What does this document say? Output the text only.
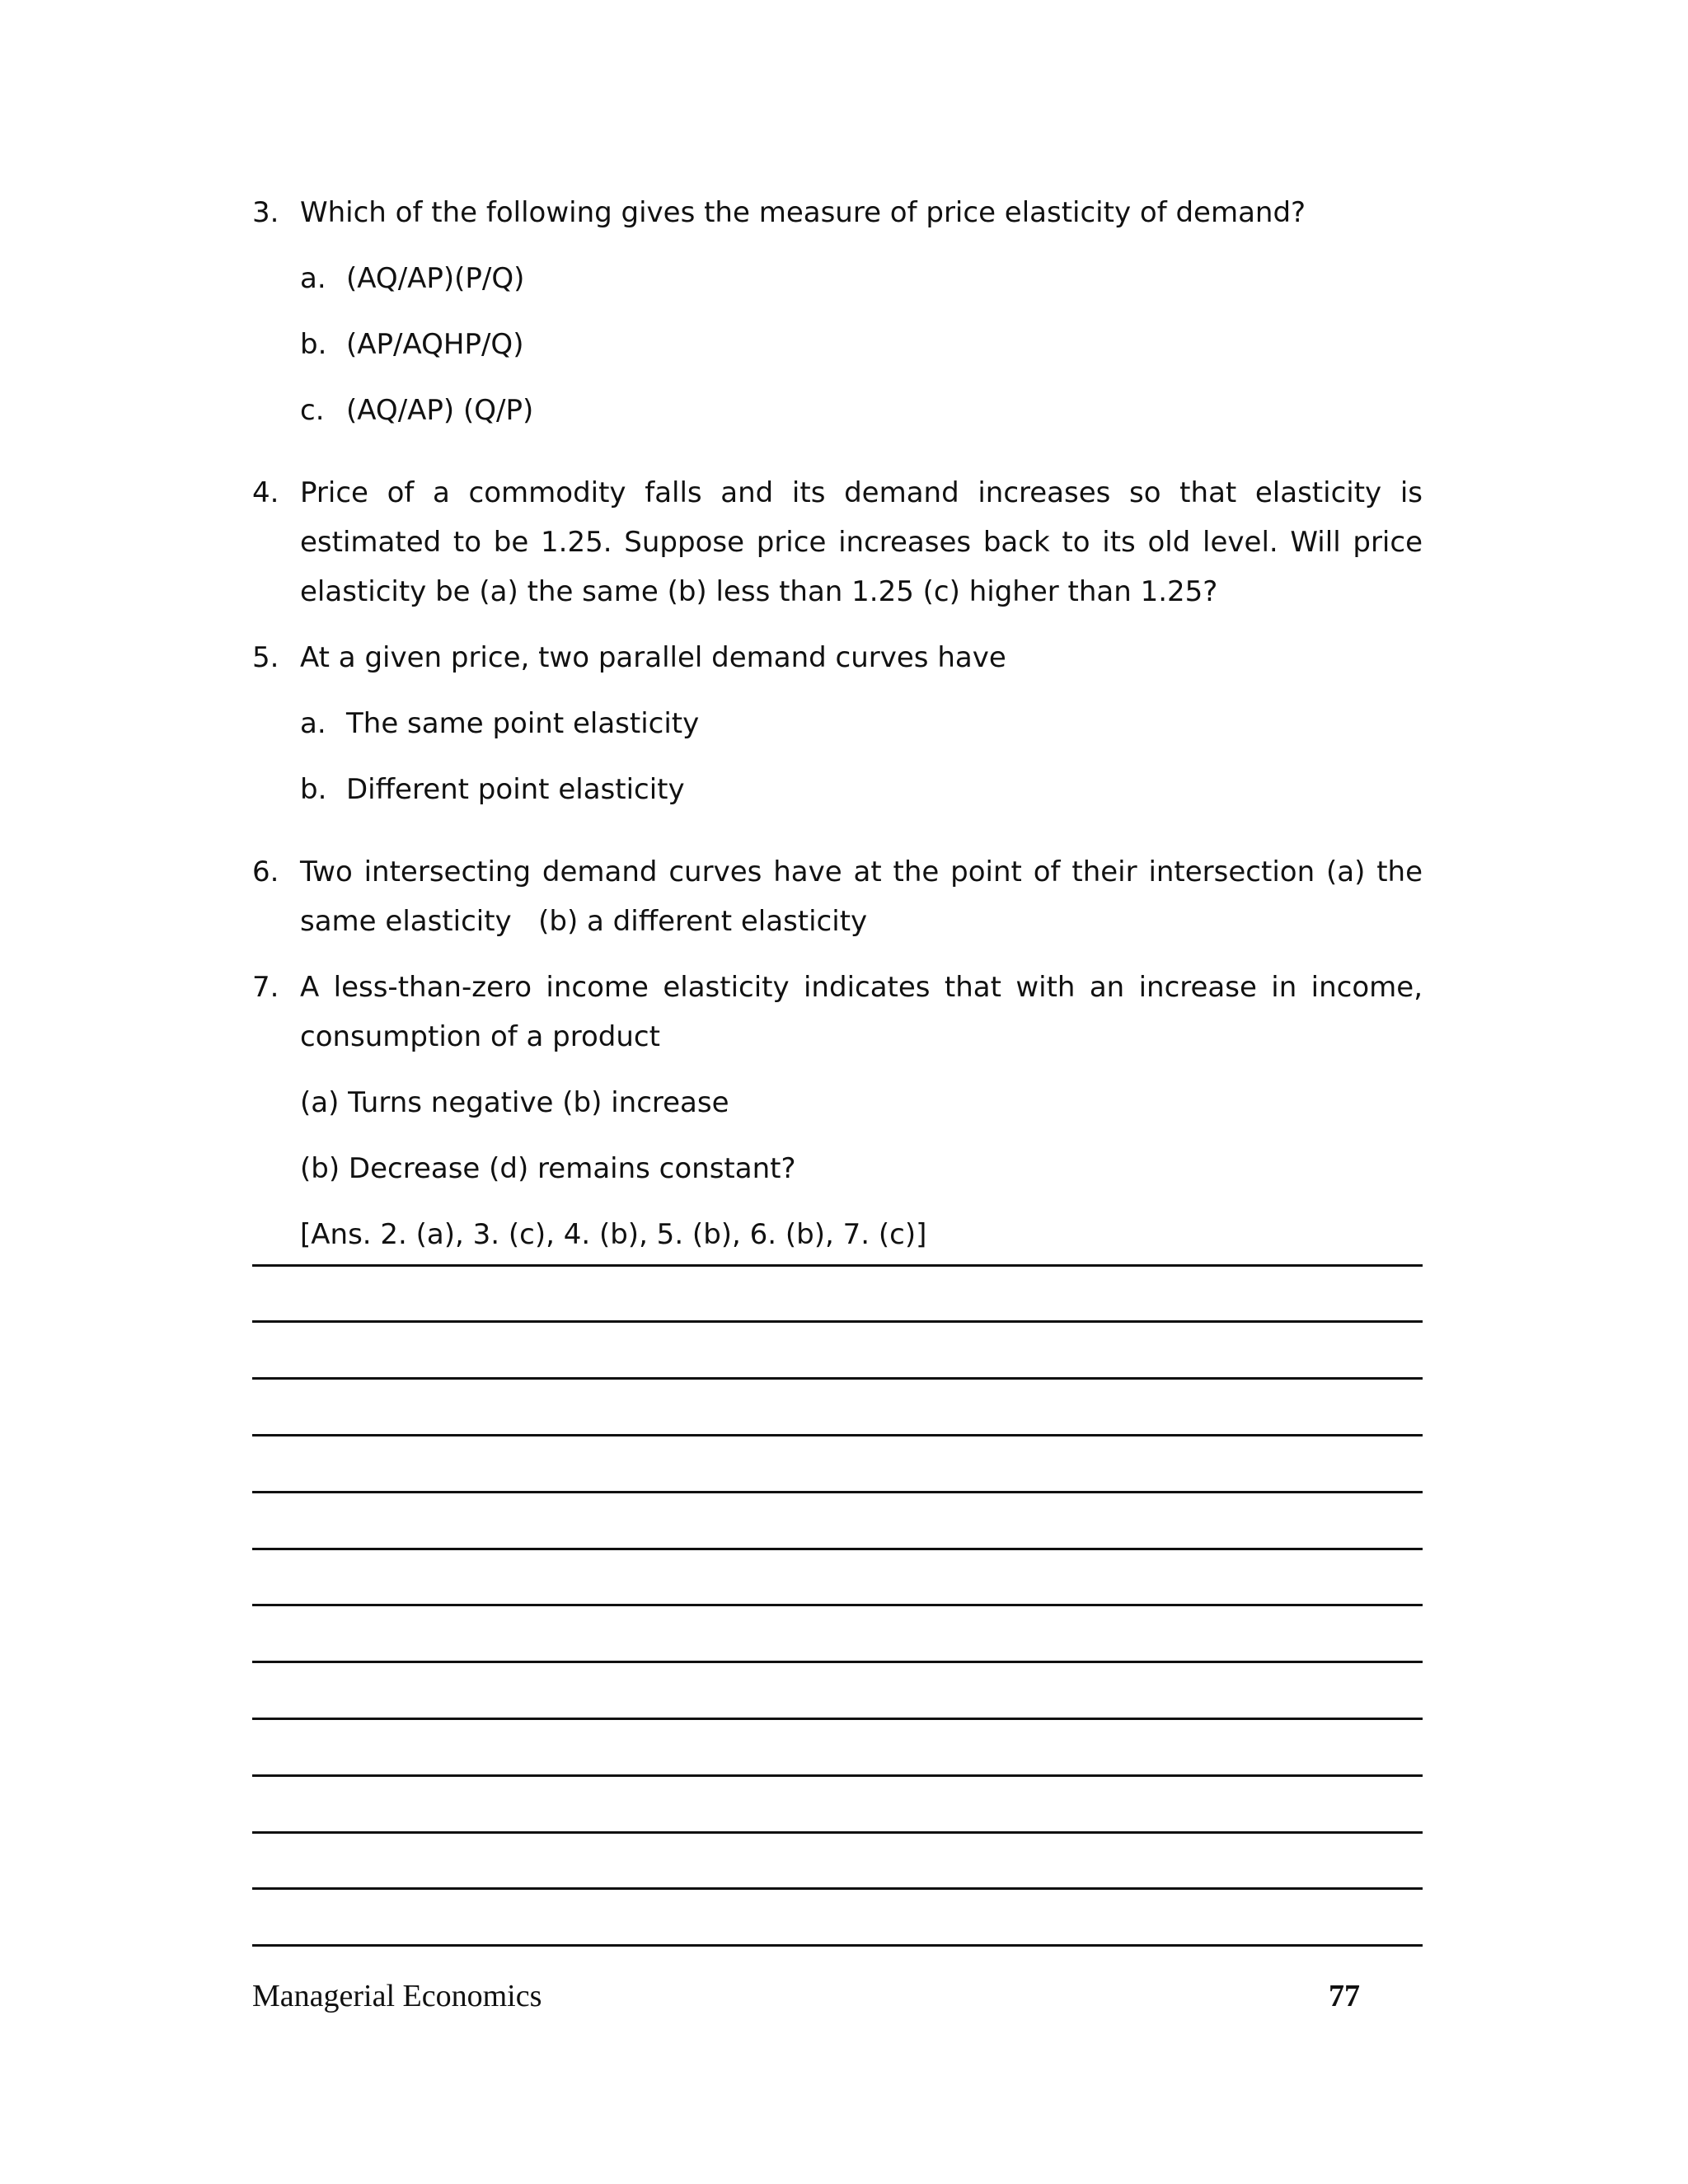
3. Which of the following gives the measure of price elasticity of demand?
a. (AQ/AP)(P/Q)
b. (AP/AQHP/Q)
c. (AQ/AP) (Q/P)
4. Price of a commodity falls and its demand increases so that elasticity is estimated to be 1.25. Suppose price increases back to its old level. Will price elasticity be (a) the same (b) less than 1.25 (c) higher than 1.25?
5. At a given price, two parallel demand curves have
a. The same point elasticity
b. Different point elasticity
6. Two intersecting demand curves have at the point of their intersection (a) the same elasticity   (b) a different elasticity
7. A less-than-zero income elasticity indicates that with an increase in income, consumption of a product
(a) Turns negative (b) increase
(b) Decrease (d) remains constant?
[Ans. 2. (a), 3. (c), 4. (b), 5. (b), 6. (b), 7. (c)]
Managerial Economics	77
